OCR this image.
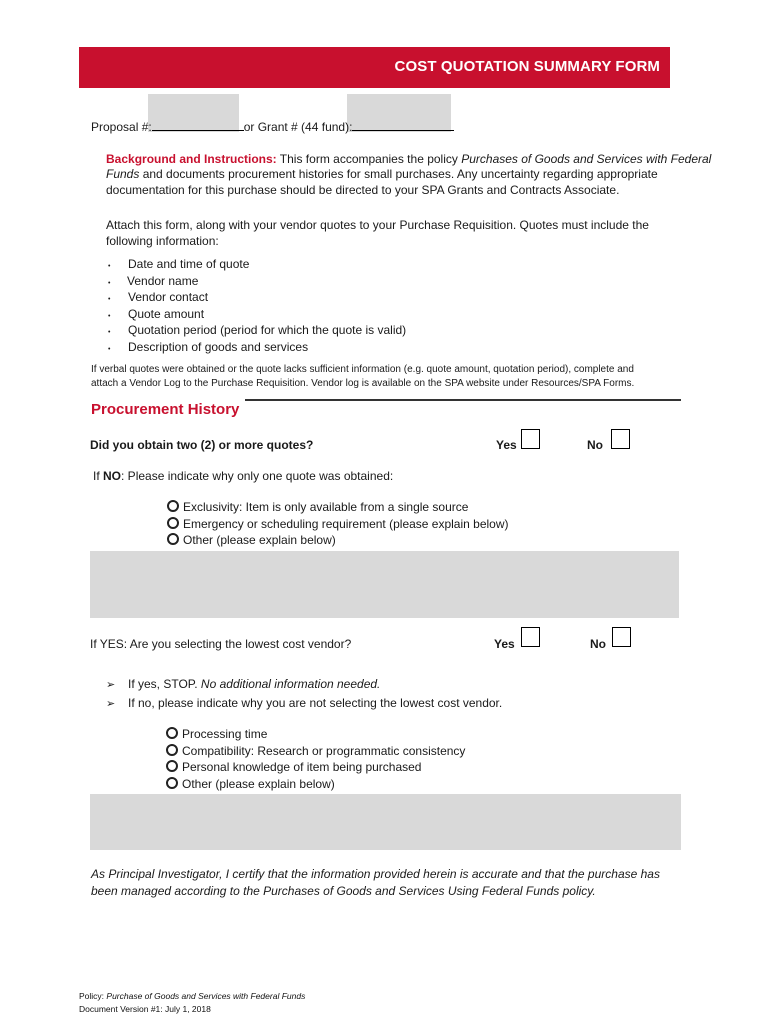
COST QUOTATION SUMMARY FORM
Proposal #:	or Grant # (44 fund):
Background and Instructions: This form accompanies the policy Purchases of Goods and Services with Federal
Funds and documents procurement histories for small purchases. Any uncertainty regarding appropriate
documentation for this purchase should be directed to your SPA Grants and Contracts Associate.
Attach this form, along with your vendor quotes to your Purchase Requisition. Quotes must include the
following information:
• Date and time of quote
• Vendor name
• Vendor contact
• Quote amount
• Quotation period (period for which the quote is valid)
• Description of goods and services
If verbal quotes were obtained or the quote lacks sufficient information (e.g. quote amount, quotation period), complete and
attach a Vendor Log to the Purchase Requisition. Vendor log is available on the SPA website under Resources/SPA Forms.
Procurement History
Did you obtain two (2) or more quotes?	Yes	No
If NO: Please indicate why only one quote was obtained:
Exclusivity: Item is only available from a single source
Emergency or scheduling requirement (please explain below)
Other (please explain below)
If YES: Are you selecting the lowest cost vendor?	Yes	No
➢ If yes, STOP. No additional information needed.
➢ If no, please indicate why you are not selecting the lowest cost vendor.
Processing time
Compatibility: Research or programmatic consistency
Personal knowledge of item being purchased
Other (please explain below)
As Principal Investigator, I certify that the information provided herein is accurate and that the purchase has
been managed according to the Purchases of Goods and Services Using Federal Funds policy.
Policy: Purchase of Goods and Services with Federal Funds
Document Version #1: July 1, 2018
